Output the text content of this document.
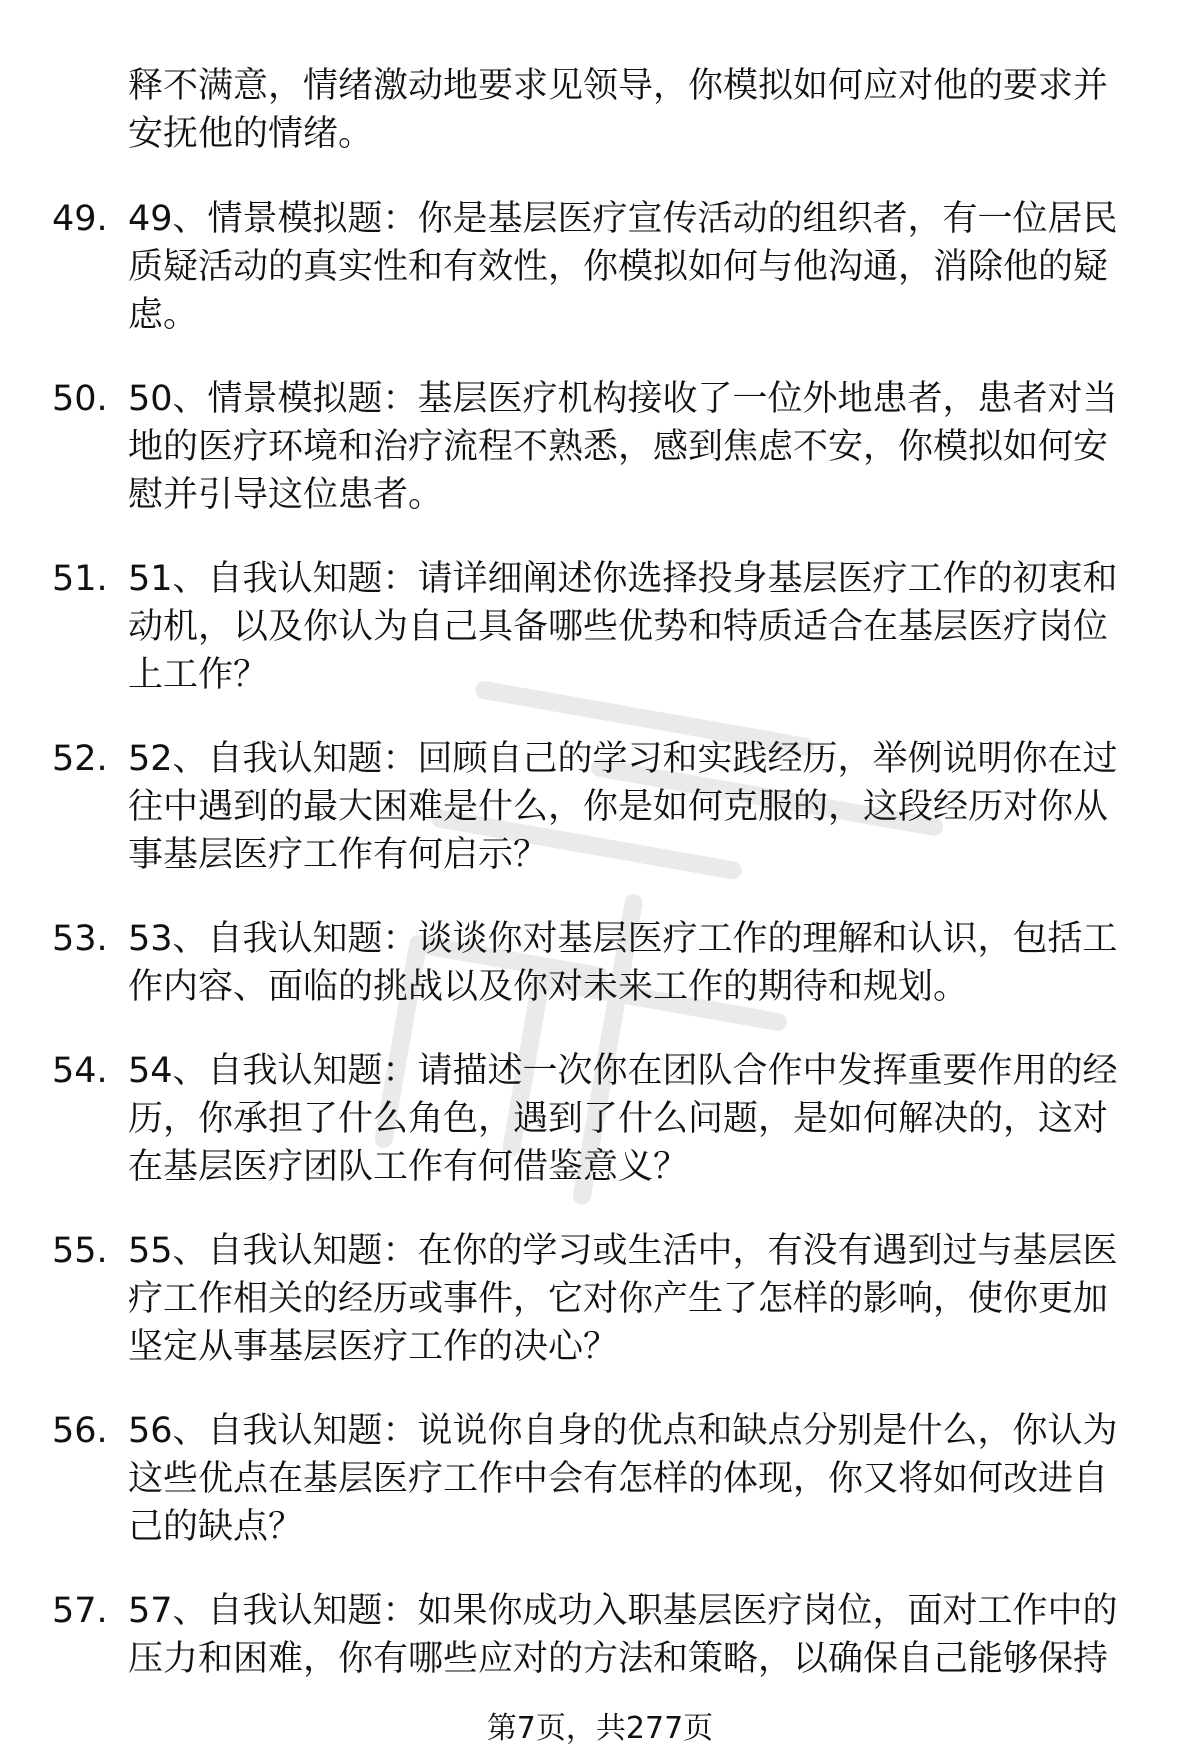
释不满意，情绪激动地要求见领导，你模拟如何应对他的要求并安抚他的情绪。
49. 49、情景模拟题：你是基层医疗宣传活动的组织者，有一位居民质疑活动的真实性和有效性，你模拟如何与他沟通，消除他的疑虑。
50. 50、情景模拟题：基层医疗机构接收了一位外地患者，患者对当地的医疗环境和治疗流程不熟悉，感到焦虑不安，你模拟如何安慰并引导这位患者。
51. 51、自我认知题：请详细阐述你选择投身基层医疗工作的初衷和动机，以及你认为自己具备哪些优势和特质适合在基层医疗岗位上工作？
52. 52、自我认知题：回顾自己的学习和实践经历，举例说明你在过往中遇到的最大困难是什么，你是如何克服的，这段经历对你从事基层医疗工作有何启示？
53. 53、自我认知题：谈谈你对基层医疗工作的理解和认识，包括工作内容、面临的挑战以及你对未来工作的期待和规划。
54. 54、自我认知题：请描述一次你在团队合作中发挥重要作用的经历，你承担了什么角色，遇到了什么问题，是如何解决的，这对在基层医疗团队工作有何借鉴意义？
55. 55、自我认知题：在你的学习或生活中，有没有遇到过与基层医疗工作相关的经历或事件，它对你产生了怎样的影响，使你更加坚定从事基层医疗工作的决心？
56. 56、自我认知题：说说你自身的优点和缺点分别是什么，你认为这些优点在基层医疗工作中会有怎样的体现，你又将如何改进自己的缺点？
57. 57、自我认知题：如果你成功入职基层医疗岗位，面对工作中的压力和困难，你有哪些应对的方法和策略，以确保自己能够保持
第7页，共277页
